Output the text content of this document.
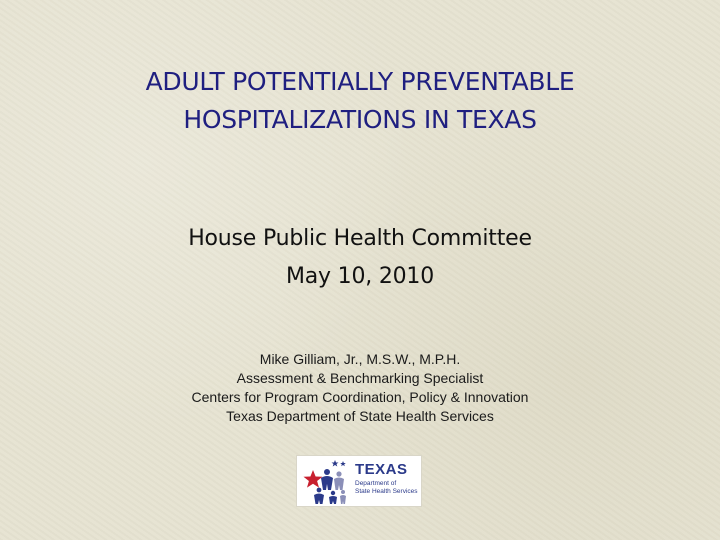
ADULT POTENTIALLY PREVENTABLE
HOSPITALIZATIONS IN TEXAS
House Public Health Committee
May 10, 2010
Mike Gilliam, Jr., M.S.W., M.P.H.
Assessment & Benchmarking Specialist
Centers for Program Coordination, Policy & Innovation
Texas Department of State Health Services
TEXAS
Department of
State Health Services
